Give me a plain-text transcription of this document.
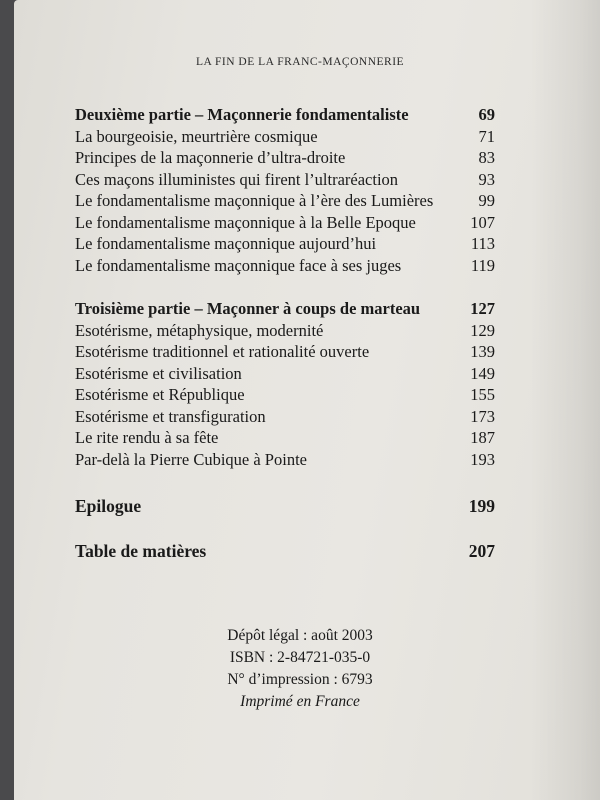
LA FIN DE LA FRANC-MAÇONNERIE
Deuxième partie – Maçonnerie fondamentaliste	69
La bourgeoisie, meurtrière cosmique	71
Principes de la maçonnerie d’ultra-droite	83
Ces maçons illuministes qui firent l’ultraréaction	93
Le fondamentalisme maçonnique à l’ère des Lumières	99
Le fondamentalisme maçonnique à la Belle Epoque	107
Le fondamentalisme maçonnique aujourd’hui	113
Le fondamentalisme maçonnique face à ses juges	119
Troisième partie – Maçonner à coups de marteau	127
Esotérisme, métaphysique, modernité	129
Esotérisme traditionnel et rationalité ouverte	139
Esotérisme et civilisation	149
Esotérisme et République	155
Esotérisme et transfiguration	173
Le rite rendu à sa fête	187
Par-delà la Pierre Cubique à Pointe	193
Epilogue	199
Table de matières	207
Dépôt légal : août 2003
ISBN : 2-84721-035-0
N° d’impression : 6793
Imprimé en France
